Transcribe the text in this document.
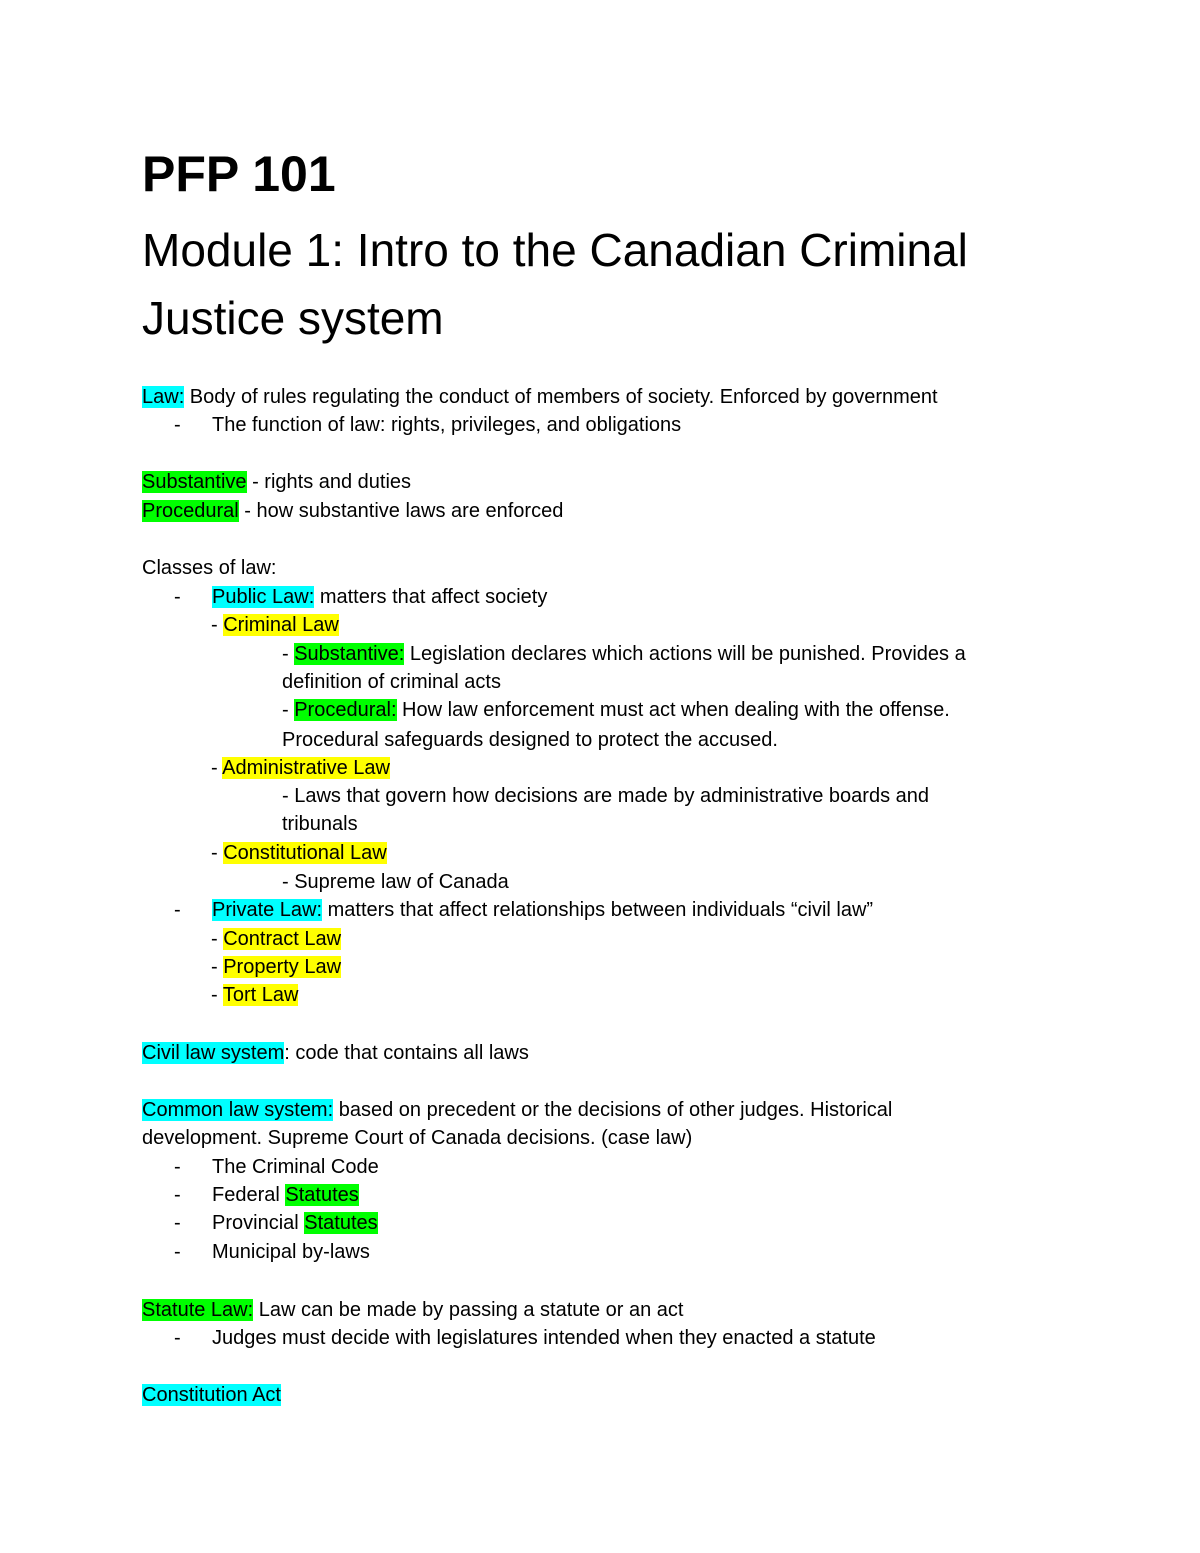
PFP 101
Module 1: Intro to the Canadian Criminal Justice system
Law: Body of rules regulating the conduct of members of society. Enforced by government
- The function of law: rights, privileges, and obligations
Substantive - rights and duties
Procedural - how substantive laws are enforced
Classes of law:
- Public Law: matters that affect society
- Criminal Law
- Substantive: Legislation declares which actions will be punished. Provides a
definition of criminal acts
- Procedural: How law enforcement must act when dealing with the offense.
Procedural safeguards designed to protect the accused.
- Administrative Law
- Laws that govern how decisions are made by administrative boards and
tribunals
- Constitutional Law
- Supreme law of Canada
- Private Law: matters that affect relationships between individuals “civil law”
- Contract Law
- Property Law
- Tort Law
Civil law system: code that contains all laws
Common law system: based on precedent or the decisions of other judges. Historical
development. Supreme Court of Canada decisions. (case law)
- The Criminal Code
- Federal Statutes
- Provincial Statutes
- Municipal by-laws
Statute Law: Law can be made by passing a statute or an act
- Judges must decide with legislatures intended when they enacted a statute
Constitution Act
